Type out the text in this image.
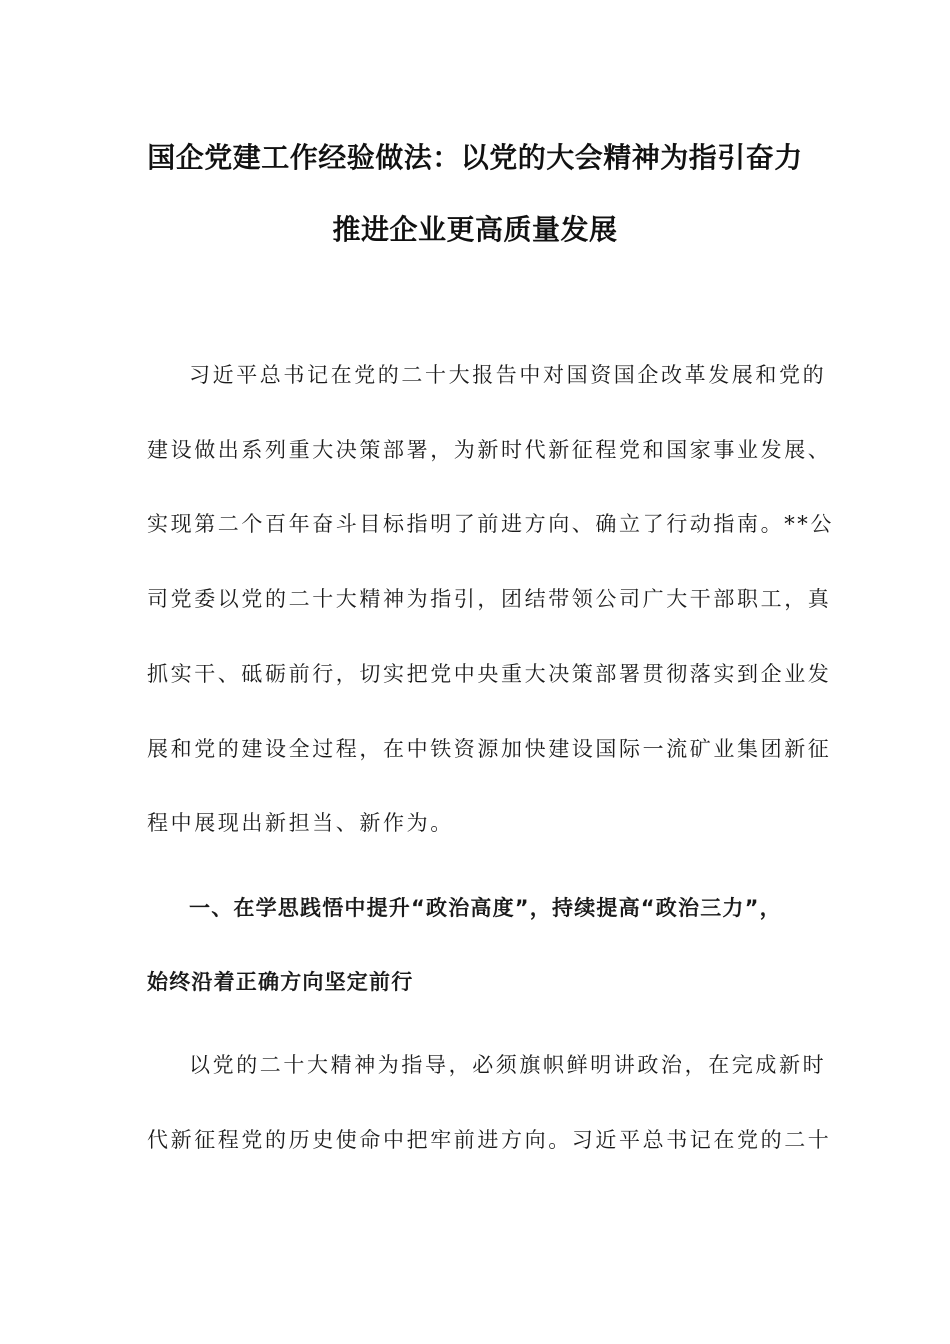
国企党建工作经验做法：以党的大会精神为指引奋力
推进企业更高质量发展
习近平总书记在党的二十大报告中对国资国企改革发展和党的
建设做出系列重大决策部署，为新时代新征程党和国家事业发展、
实现第二个百年奋斗目标指明了前进方向、确立了行动指南。**公
司党委以党的二十大精神为指引，团结带领公司广大干部职工，真
抓实干、砥砺前行，切实把党中央重大决策部署贯彻落实到企业发
展和党的建设全过程，在中铁资源加快建设国际一流矿业集团新征
程中展现出新担当、新作为。
一、在学思践悟中提升“政治高度”，持续提高“政治三力”，
始终沿着正确方向坚定前行
以党的二十大精神为指导，必须旗帜鲜明讲政治，在完成新时
代新征程党的历史使命中把牢前进方向。习近平总书记在党的二十
